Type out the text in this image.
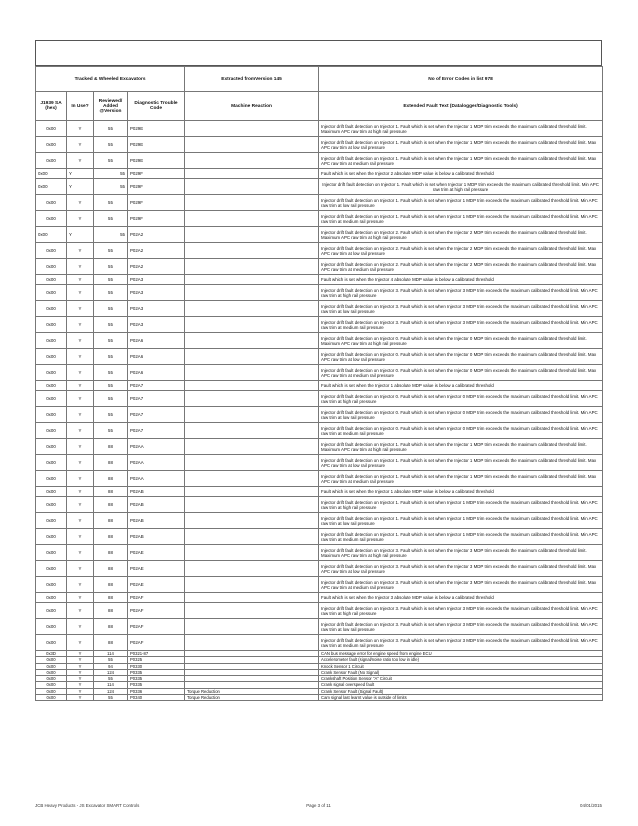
Tracked & Wheeled Excavators				Extracted fromVersion 145	No of Error Codes in list 978
J1939 SA (hex)	In Use?	Reviewed/ Added @Version	Diagnostic Trouble Code	Machine Reaction	Extended Fault Text (Datalogger/Diagnostic Tools)
0x00	Y	55	P029E		Injector drift fault detection on Injector 1. Fault which is set when the Injector 1 MDP trim exceeds the maximum calibrated threshold limit. Maximum APC raw trim at high rail pressure
0x00	Y	55	P029E		Injector drift fault detection on Injector 1. Fault which is set when the Injector 1 MDP trim exceeds the maximum calibrated threshold limit. Max APC raw trim at low rail pressure
0x00	Y	55	P029E		Injector drift fault detection on Injector 1. Fault which is set when the Injector 1 MDP trim exceeds the maximum calibrated threshold limit. Max APC raw trim at medium rail pressure
0x00	Y	55	P029F		Fault which is set when the Injector 2 absolute MDP value is below a calibrated threshold
0x00	Y	55	P029F		Injector drift fault detection on Injector 1. Fault which is set when Injector 1 MDP trim exceeds the maximum calibrated threshold limit. Min APC raw trim at high rail pressure
0x00	Y	55	P029F		Injector drift fault detection on Injector 1. Fault which is set when Injector 1 MDP trim exceeds the maximum calibrated threshold limit. Min APC raw trim at low rail pressure
0x00	Y	55	P029F		Injector drift fault detection on Injector 1. Fault which is set when Injector 1 MDP trim exceeds the maximum calibrated threshold limit. Min APC raw trim at medium rail pressure
0x00	Y	55	P02A2		Injector drift fault detection on Injector 2. Fault which is set when the Injector 2 MDP trim exceeds the maximum calibrated threshold limit. Maximum APC raw trim at high rail pressure
0x00	Y	55	P02A2		Injector drift fault detection on Injector 2. Fault which is set when the Injector 2 MDP trim exceeds the maximum calibrated threshold limit. Max APC raw trim at low rail pressure
0x00	Y	55	P02A2		Injector drift fault detection on Injector 2. Fault which is set when the Injector 2 MDP trim exceeds the maximum calibrated threshold limit. Max APC raw trim at medium rail pressure
0x00	Y	55	P02A3		Fault which is set when the Injector 4 absolute MDP value is below a calibrated threshold
0x00	Y	55	P02A3		Injector drift fault detection on Injector 3. Fault which is set when Injector 3 MDP trim exceeds the maximum calibrated threshold limit. Min APC raw trim at high rail pressure
0x00	Y	55	P02A3		Injector drift fault detection on Injector 3. Fault which is set when Injector 3 MDP trim exceeds the maximum calibrated threshold limit. Min APC raw trim at low rail pressure
0x00	Y	55	P02A3		Injector drift fault detection on Injector 3. Fault which is set when Injector 3 MDP trim exceeds the maximum calibrated threshold limit. Min APC raw trim at medium rail pressure
0x00	Y	55	P02A6		Injector drift fault detection on Injector 0. Fault which is set when the Injector 0 MDP trim exceeds the maximum calibrated threshold limit. Maximum APC raw trim at high rail pressure
0x00	Y	55	P02A6		Injector drift fault detection on Injector 0. Fault which is set when the Injector 0 MDP trim exceeds the maximum calibrated threshold limit. Max APC raw trim at low rail pressure
0x00	Y	55	P02A6		Injector drift fault detection on Injector 0. Fault which is set when the Injector 0 MDP trim exceeds the maximum calibrated threshold limit. Max APC raw trim at medium rail pressure
0x00	Y	55	P02A7		Fault which is set when the Injector 1 absolute MDP value is below a calibrated threshold
0x00	Y	55	P02A7		Injector drift fault detection on Injector 0. Fault which is set when Injector 0 MDP trim exceeds the maximum calibrated threshold limit. Min APC raw trim at high rail pressure
0x00	Y	55	P02A7		Injector drift fault detection on Injector 0. Fault which is set when Injector 0 MDP trim exceeds the maximum calibrated threshold limit. Min APC raw trim at low rail pressure
0x00	Y	55	P02A7		Injector drift fault detection on Injector 0. Fault which is set when Injector 0 MDP trim exceeds the maximum calibrated threshold limit. Min APC raw trim at medium rail pressure
0x00	Y	88	P02AA		Injector drift fault detection on Injector 1. Fault which is set when the Injector 1 MDP trim exceeds the maximum calibrated threshold limit. Maximum APC raw trim at high rail pressure
0x00	Y	88	P02AA		Injector drift fault detection on Injector 1. Fault which is set when the Injector 1 MDP trim exceeds the maximum calibrated threshold limit. Max APC raw trim at low rail pressure
0x00	Y	88	P02AA		Injector drift fault detection on Injector 1. Fault which is set when the Injector 1 MDP trim exceeds the maximum calibrated threshold limit. Max APC raw trim at medium rail pressure
0x00	Y	88	P02AB		Fault which is set when the Injector 1 absolute MDP value is below a calibrated threshold
0x00	Y	88	P02AB		Injector drift fault detection on Injector 1. Fault which is set when Injector 1 MDP trim exceeds the maximum calibrated threshold limit. Min APC raw trim at high rail pressure
0x00	Y	88	P02AB		Injector drift fault detection on Injector 1. Fault which is set when Injector 1 MDP trim exceeds the maximum calibrated threshold limit. Min APC raw trim at low rail pressure
0x00	Y	88	P02AB		Injector drift fault detection on Injector 1. Fault which is set when Injector 1 MDP trim exceeds the maximum calibrated threshold limit. Min APC raw trim at medium rail pressure
0x00	Y	88	P02AE		Injector drift fault detection on Injector 3. Fault which is set when the Injector 3 MDP trim exceeds the maximum calibrated threshold limit. Maximum APC raw trim at high rail pressure
0x00	Y	88	P02AE		Injector drift fault detection on Injector 3. Fault which is set when the Injector 3 MDP trim exceeds the maximum calibrated threshold limit. Max APC raw trim at low rail pressure
0x00	Y	88	P02AE		Injector drift fault detection on Injector 3. Fault which is set when the Injector 3 MDP trim exceeds the maximum calibrated threshold limit. Max APC raw trim at medium rail pressure
0x00	Y	88	P02AF		Fault which is set when the Injector 3 absolute MDP value is below a calibrated threshold
0x00	Y	88	P02AF		Injector drift fault detection on Injector 3. Fault which is set when Injector 3 MDP trim exceeds the maximum calibrated threshold limit. Min APC raw trim at high rail pressure
0x00	Y	88	P02AF		Injector drift fault detection on Injector 3. Fault which is set when Injector 3 MDP trim exceeds the maximum calibrated threshold limit. Min APC raw trim at low rail pressure
0x00	Y	88	P02AF		Injector drift fault detection on Injector 3. Fault which is set when Injector 3 MDP trim exceeds the maximum calibrated threshold limit. Min APC raw trim at medium rail pressure
0x3D	Y	114	P0321-87		CAN bus message error for engine speed from engine ECU
0x00	Y	55	P0325		Accelerometer fault (signal/noise ratio too low in idle)
0x00	Y	94	P0330		Knock Sensor 1 Circuit
0x00	Y	124	P0335		Crank Sensor Fault (No Signal)
0x00	Y	55	P0335		Crankshaft Position Sensor "A" Circuit
0x00	Y	114	P0335		Crank signal overspeed fault
0x00	Y	124	P0336	Torque Reduction	Crank Sensor Fault (Signal Fault)
0x00	Y	55	P0340	Torque Reduction	Cam signal last learnt value is outside of limits
JCB Heavy Products - JS Excavator SMART Controls	Page 3 of 11	04/01/2015
